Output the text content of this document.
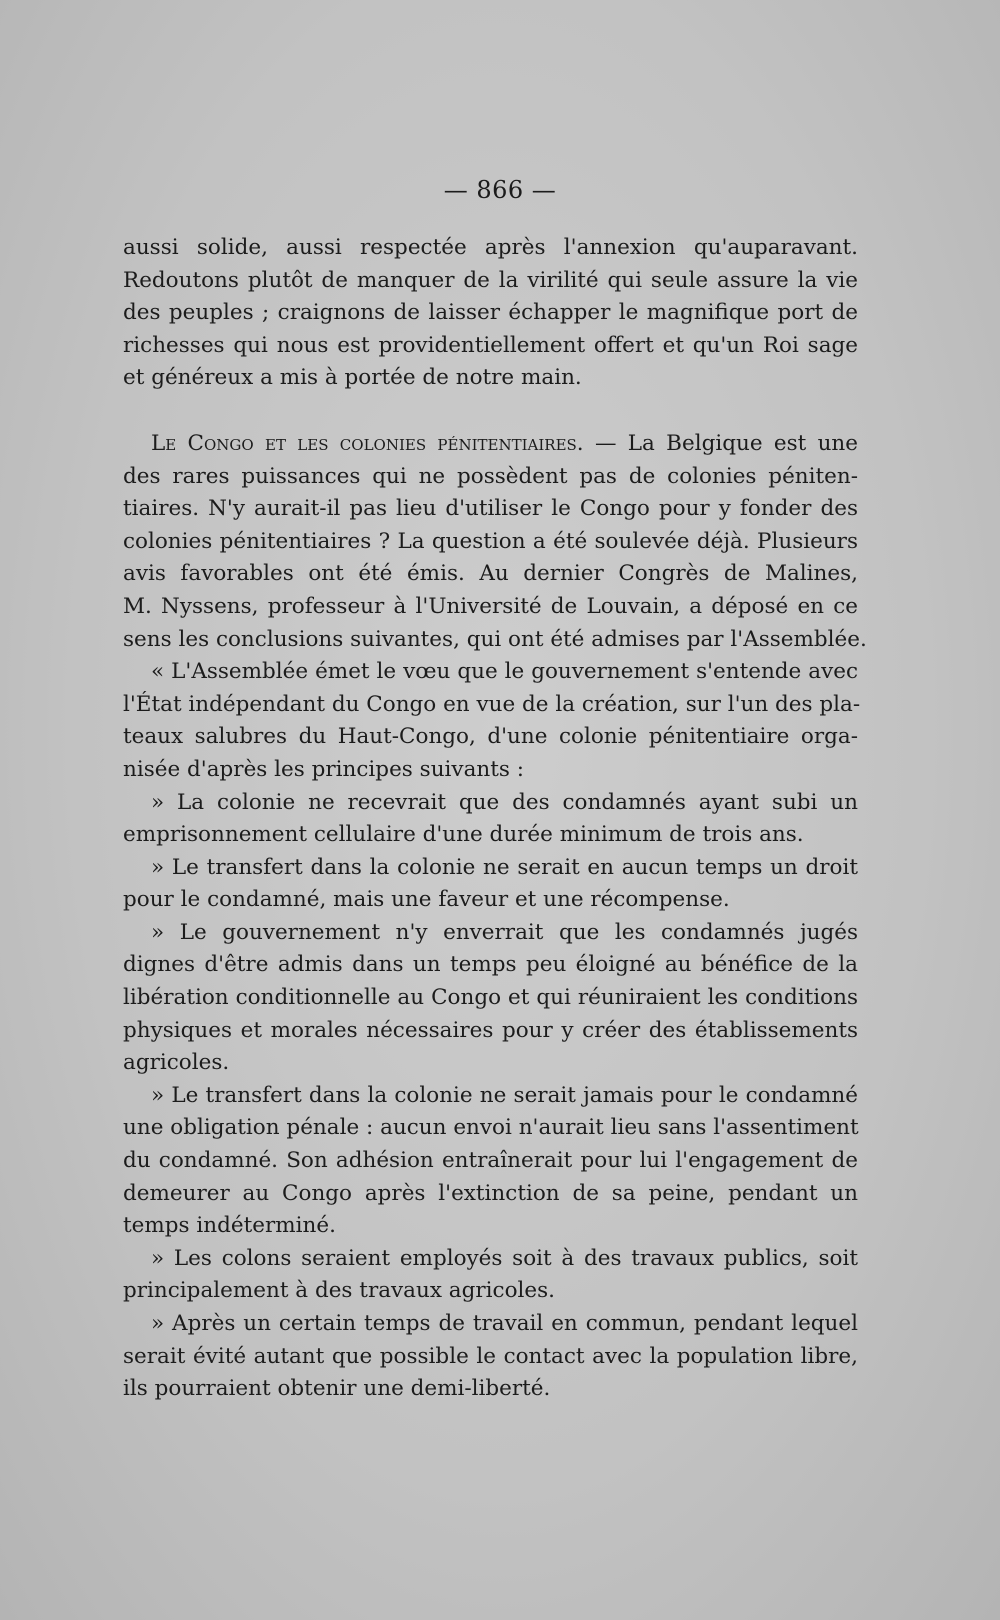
— 866 —
aussi solide, aussi respectée après l'annexion qu'auparavant.
Redoutons plutôt de manquer de la virilité qui seule assure la vie
des peuples ; craignons de laisser échapper le magnifique port de
richesses qui nous est providentiellement offert et qu'un Roi sage
et généreux a mis à portée de notre main.
Le Congo et les colonies pénitentiaires. — La Belgique est une
des rares puissances qui ne possèdent pas de colonies péniten-
tiaires. N'y aurait-il pas lieu d'utiliser le Congo pour y fonder des
colonies pénitentiaires ? La question a été soulevée déjà. Plusieurs
avis favorables ont été émis. Au dernier Congrès de Malines,
M. Nyssens, professeur à l'Université de Louvain, a déposé en ce
sens les conclusions suivantes, qui ont été admises par l'Assemblée.
« L'Assemblée émet le vœu que le gouvernement s'entende avec
l'État indépendant du Congo en vue de la création, sur l'un des pla-
teaux salubres du Haut-Congo, d'une colonie pénitentiaire orga-
nisée d'après les principes suivants :
» La colonie ne recevrait que des condamnés ayant subi un
emprisonnement cellulaire d'une durée minimum de trois ans.
» Le transfert dans la colonie ne serait en aucun temps un droit
pour le condamné, mais une faveur et une récompense.
» Le gouvernement n'y enverrait que les condamnés jugés
dignes d'être admis dans un temps peu éloigné au bénéfice de la
libération conditionnelle au Congo et qui réuniraient les conditions
physiques et morales nécessaires pour y créer des établissements
agricoles.
» Le transfert dans la colonie ne serait jamais pour le condamné
une obligation pénale : aucun envoi n'aurait lieu sans l'assentiment
du condamné. Son adhésion entraînerait pour lui l'engagement de
demeurer au Congo après l'extinction de sa peine, pendant un
temps indéterminé.
» Les colons seraient employés soit à des travaux publics, soit
principalement à des travaux agricoles.
» Après un certain temps de travail en commun, pendant lequel
serait évité autant que possible le contact avec la population libre,
ils pourraient obtenir une demi-liberté.
